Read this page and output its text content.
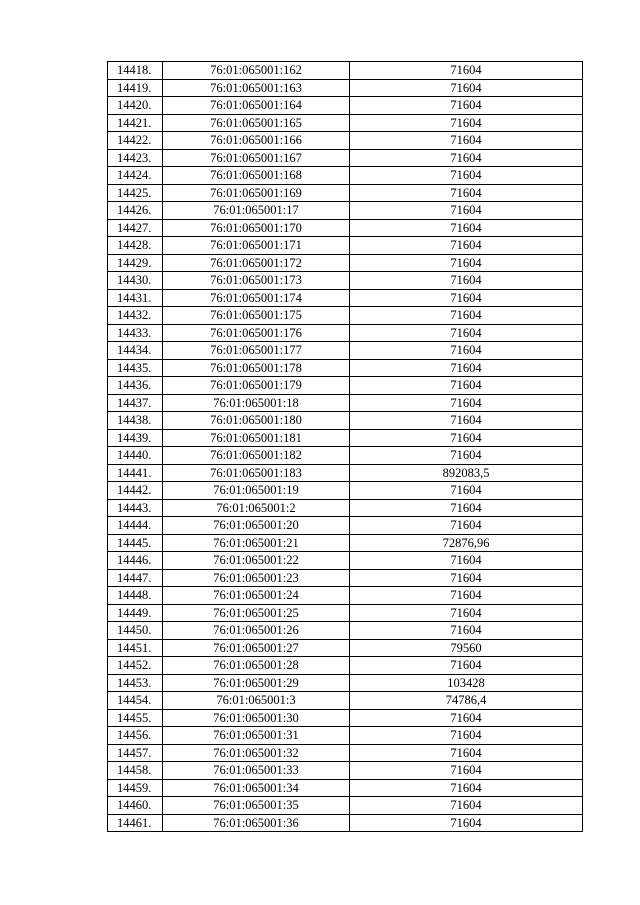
14418.	76:01:065001:162	71604
14419.	76:01:065001:163	71604
14420.	76:01:065001:164	71604
14421.	76:01:065001:165	71604
14422.	76:01:065001:166	71604
14423.	76:01:065001:167	71604
14424.	76:01:065001:168	71604
14425.	76:01:065001:169	71604
14426.	76:01:065001:17	71604
14427.	76:01:065001:170	71604
14428.	76:01:065001:171	71604
14429.	76:01:065001:172	71604
14430.	76:01:065001:173	71604
14431.	76:01:065001:174	71604
14432.	76:01:065001:175	71604
14433.	76:01:065001:176	71604
14434.	76:01:065001:177	71604
14435.	76:01:065001:178	71604
14436.	76:01:065001:179	71604
14437.	76:01:065001:18	71604
14438.	76:01:065001:180	71604
14439.	76:01:065001:181	71604
14440.	76:01:065001:182	71604
14441.	76:01:065001:183	892083,5
14442.	76:01:065001:19	71604
14443.	76:01:065001:2	71604
14444.	76:01:065001:20	71604
14445.	76:01:065001:21	72876,96
14446.	76:01:065001:22	71604
14447.	76:01:065001:23	71604
14448.	76:01:065001:24	71604
14449.	76:01:065001:25	71604
14450.	76:01:065001:26	71604
14451.	76:01:065001:27	79560
14452.	76:01:065001:28	71604
14453.	76:01:065001:29	103428
14454.	76:01:065001:3	74786,4
14455.	76:01:065001:30	71604
14456.	76:01:065001:31	71604
14457.	76:01:065001:32	71604
14458.	76:01:065001:33	71604
14459.	76:01:065001:34	71604
14460.	76:01:065001:35	71604
14461.	76:01:065001:36	71604
